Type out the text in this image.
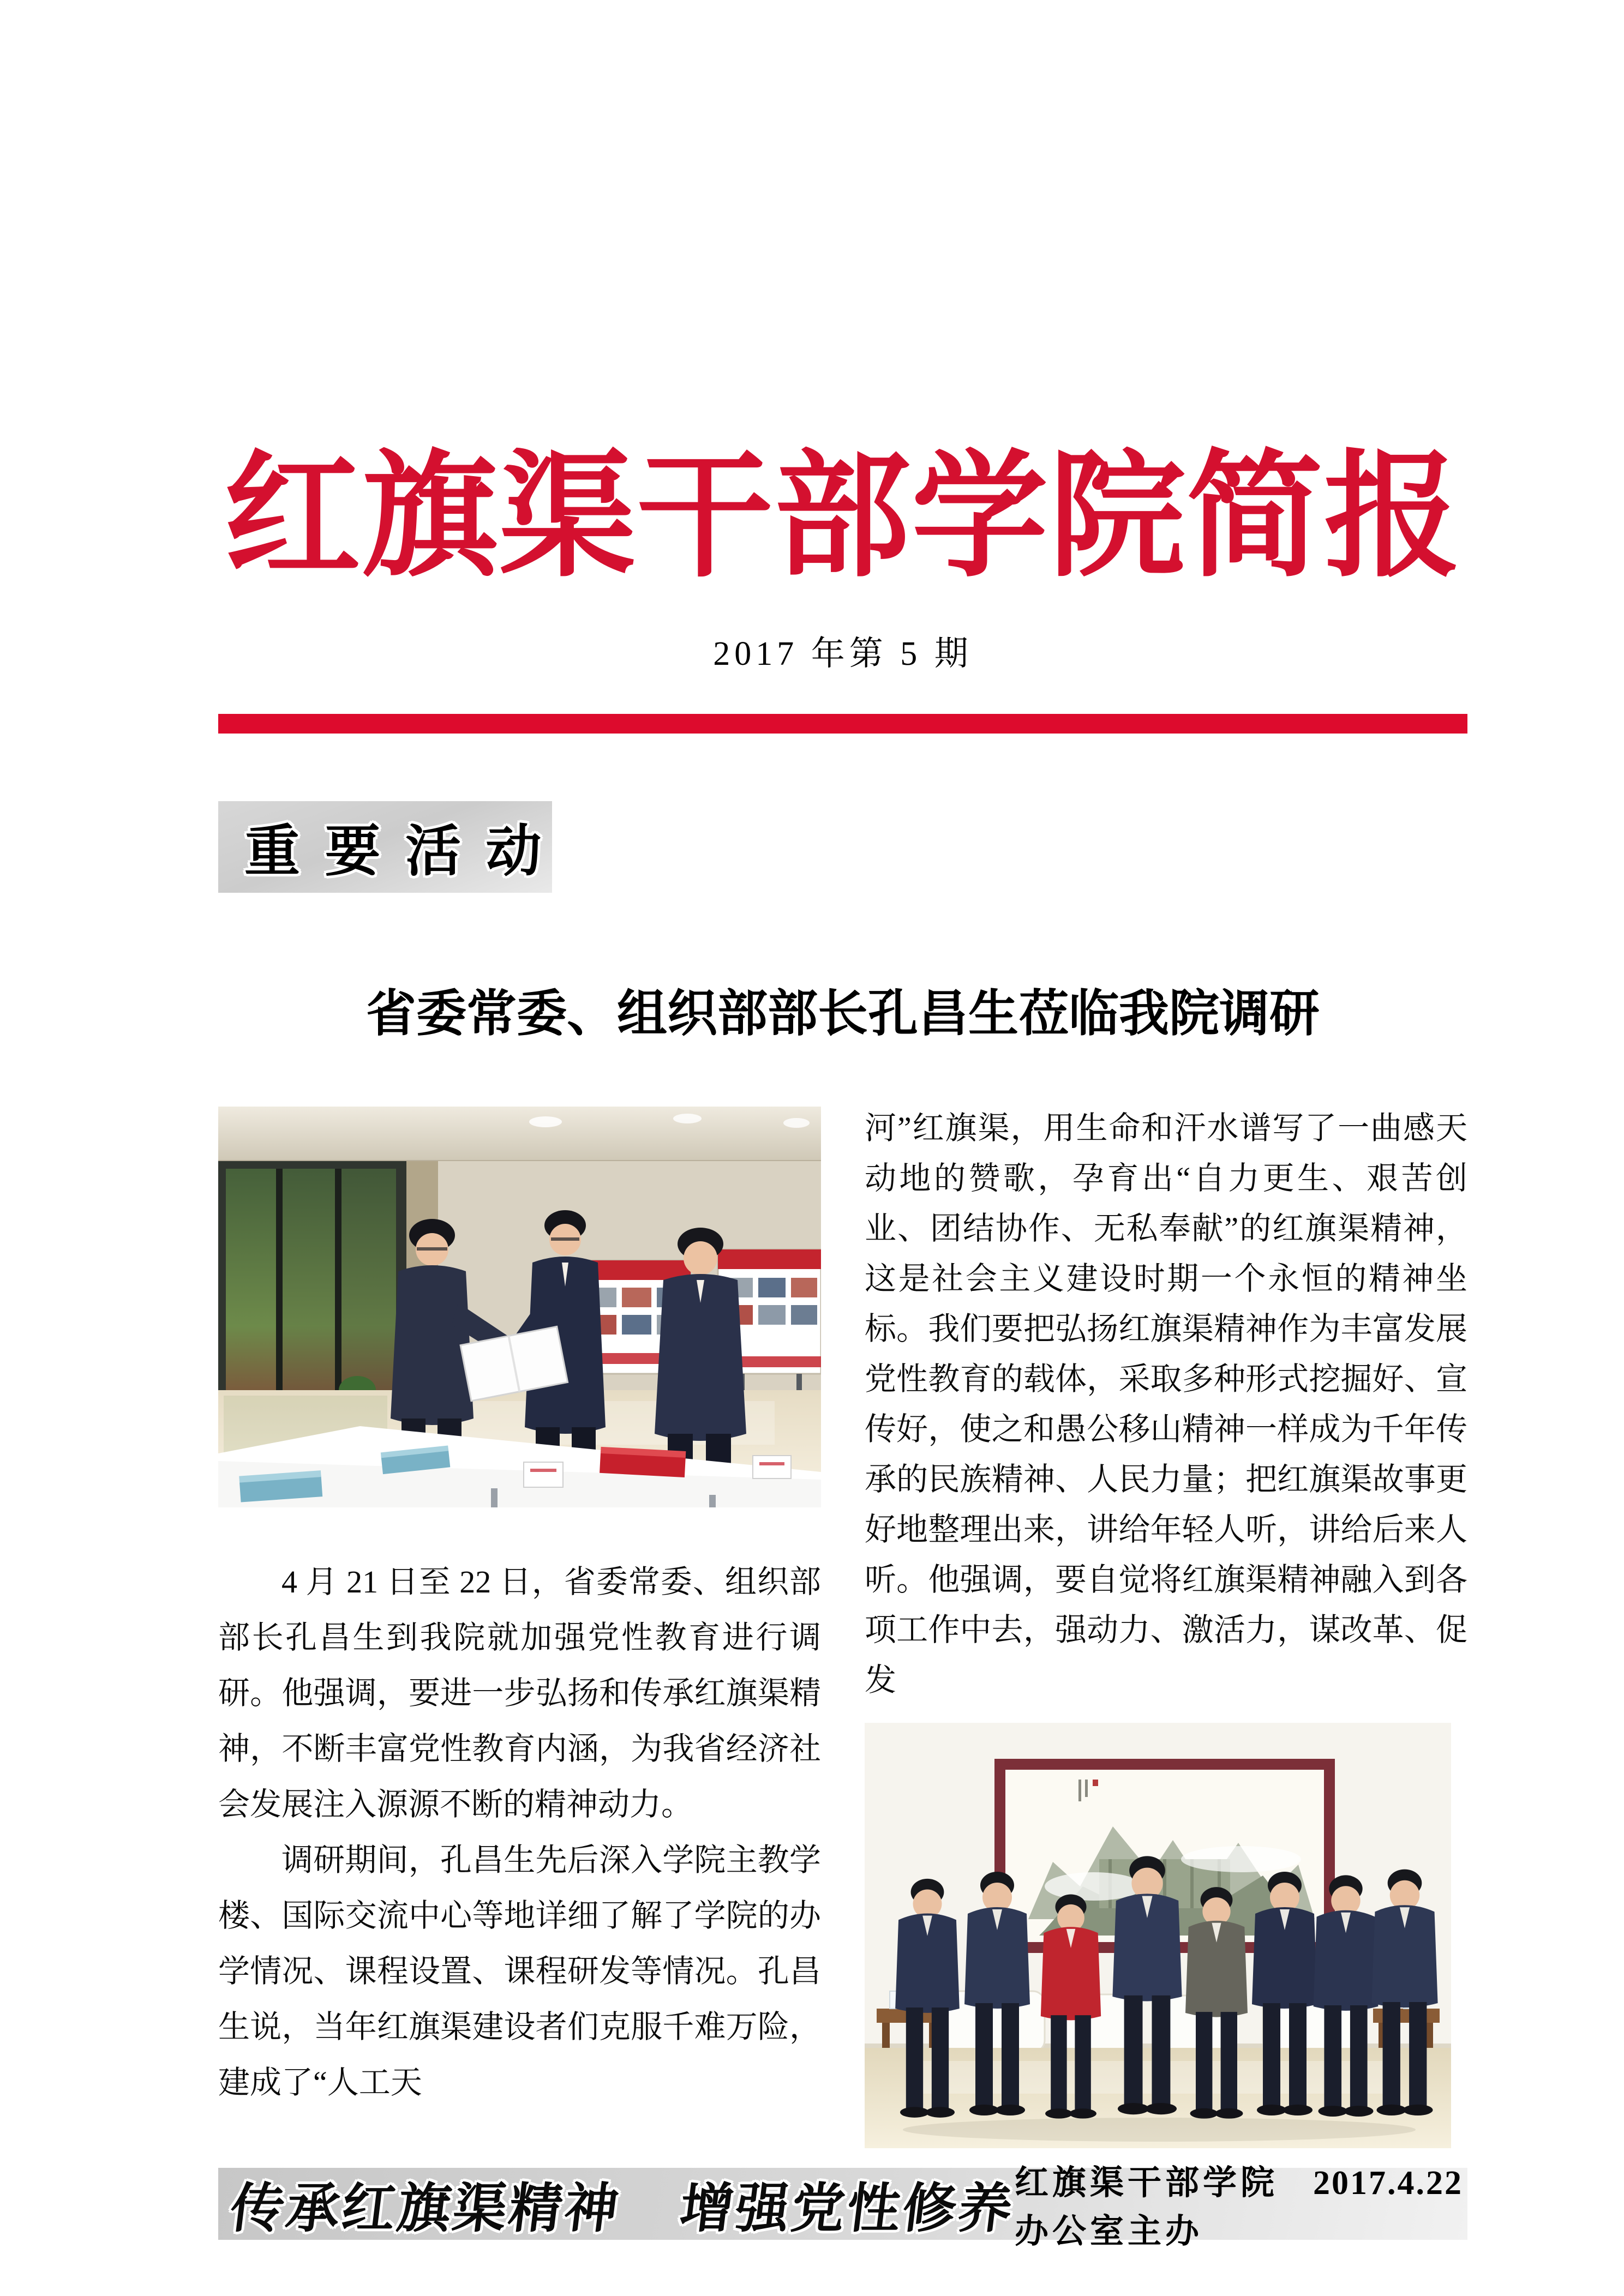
红旗渠干部学院简报
2017 年第 5 期
重 要 活 动
省委常委、组织部部长孔昌生莅临我院调研

4 月 21 日至 22 日，省委常委、组织部部长孔昌生到我院就加强党性教育进行调研。他强调，要进一步弘扬和传承红旗渠精神，不断丰富党性教育内涵，为我省经济社会发展注入源源不断的精神动力。

调研期间，孔昌生先后深入学院主教学楼、国际交流中心等地详细了解了学院的办学情况、课程设置、课程研发等情况。孔昌生说，当年红旗渠建设者们克服千难万险，建成了“人工天

河”红旗渠，用生命和汗水谱写了一曲感天动地的赞歌，孕育出“自力更生、艰苦创业、团结协作、无私奉献”的红旗渠精神，这是社会主义建设时期一个永恒的精神坐标。我们要把弘扬红旗渠精神作为丰富发展党性教育的载体，采取多种形式挖掘好、宣传好，使之和愚公移山精神一样成为千年传承的民族精神、人民力量；把红旗渠故事更好地整理出来，讲给年轻人听，讲给后来人听。他强调，要自觉将红旗渠精神融入到各项工作中去，强动力、激活力，谋改革、促发

传承红旗渠精神 增强党性修养
红旗渠干部学院办公室主办
2017.4.22
